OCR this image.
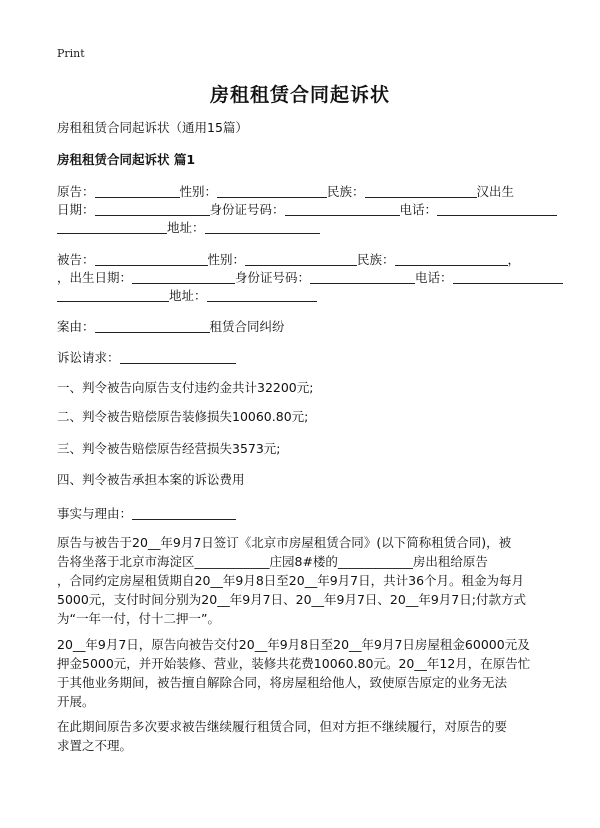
Print
房租租赁合同起诉状
房租租赁合同起诉状（通用15篇）
房租租赁合同起诉状 篇1
原告：	性别：	民族：	汉出生
日期：	身份证号码：	电话：
地址：
被告：	性别：	民族：	，
，出生日期：	身份证号码：	电话：
地址：
案由：	租赁合同纠纷
诉讼请求：
一、判令被告向原告支付违约金共计32200元;
二、判令被告赔偿原告装修损失10060.80元;
三、判令被告赔偿原告经营损失3573元;
四、判令被告承担本案的诉讼费用
事实与理由：
原告与被告于20__年9月7日签订《北京市房屋租赁合同》(以下简称租赁合同)，被
告将坐落于北京市海淀区____________庄园8#楼的____________房出租给原告
，合同约定房屋租赁期自20__年9月8日至20__年9月7日，共计36个月。租金为每月
5000元，支付时间分别为20__年9月7日、20__年9月7日、20__年9月7日;付款方式
为“一年一付，付十二押一”。
20__年9月7日，原告向被告交付20__年9月8日至20__年9月7日房屋租金60000元及
押金5000元，并开始装修、营业，装修共花费10060.80元。20__年12月，在原告忙
于其他业务期间，被告擅自解除合同，将房屋租给他人，致使原告原定的业务无法
开展。
在此期间原告多次要求被告继续履行租赁合同，但对方拒不继续履行，对原告的要
求置之不理。
